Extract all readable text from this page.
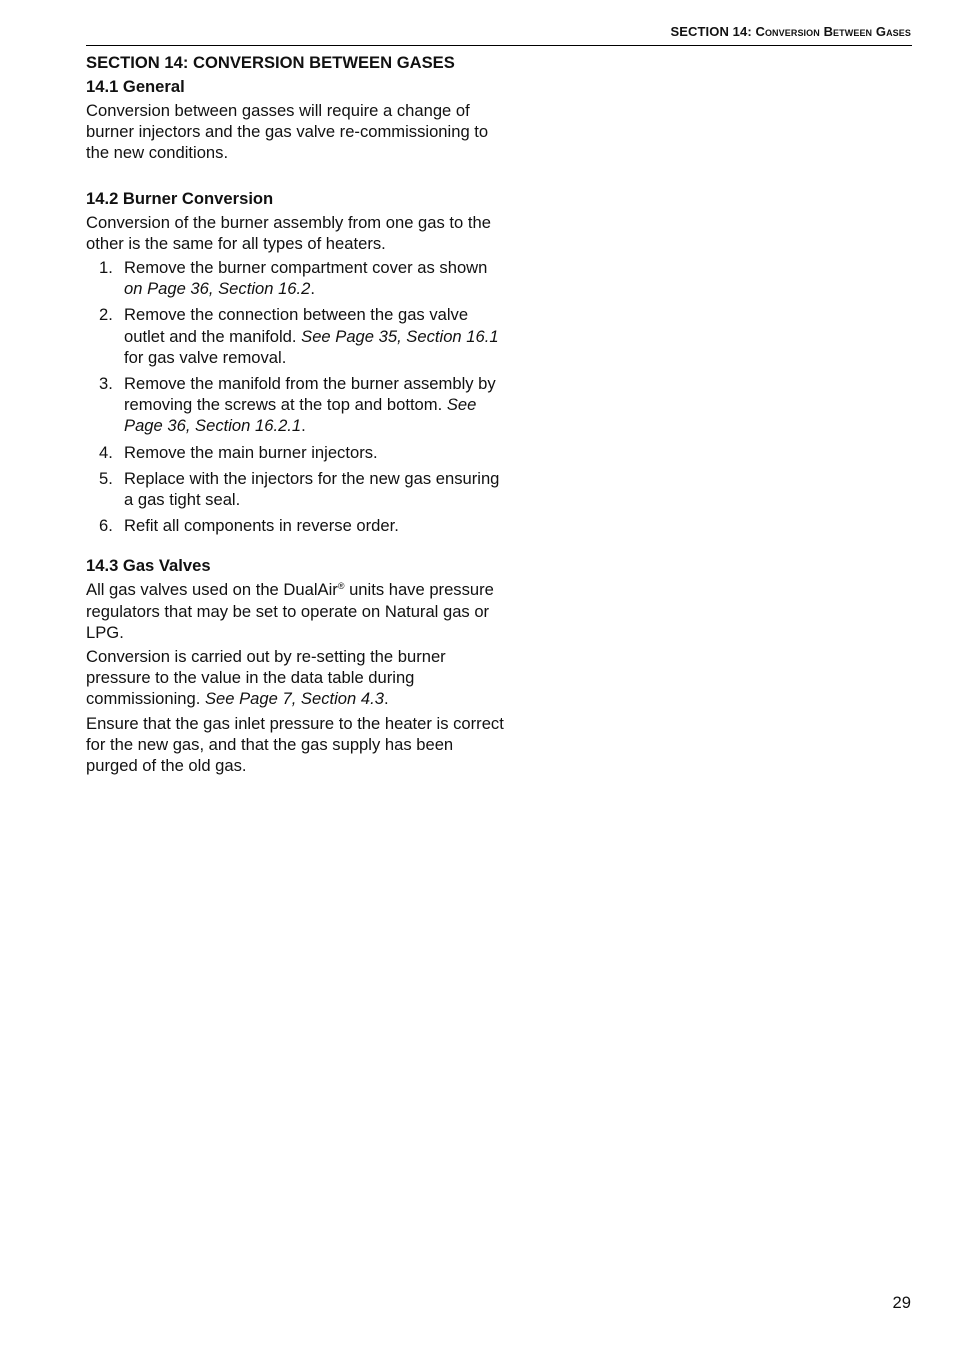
SECTION 14: Conversion Between Gases
SECTION 14: CONVERSION BETWEEN GASES
14.1 General

Conversion between gasses will require a change of burner injectors and the gas valve re-commissioning to the new conditions.

14.2 Burner Conversion

Conversion of the burner assembly from one gas to the other is the same for all types of heaters.

1. Remove the burner compartment cover as shown on Page 36, Section 16.2.
2. Remove the connection between the gas valve outlet and the manifold. See Page 35, Section 16.1 for gas valve removal.
3. Remove the manifold from the burner assembly by removing the screws at the top and bottom. See Page 36, Section 16.2.1.
4. Remove the main burner injectors.
5. Replace with the injectors for the new gas ensuring a gas tight seal.
6. Refit all components in reverse order.
14.3 Gas Valves

All gas valves used on the DualAir® units have pressure regulators that may be set to operate on Natural gas or LPG.

Conversion is carried out by re-setting the burner pressure to the value in the data table during commissioning. See Page 7, Section 4.3.

Ensure that the gas inlet pressure to the heater is correct for the new gas, and that the gas supply has been purged of the old gas.

29
